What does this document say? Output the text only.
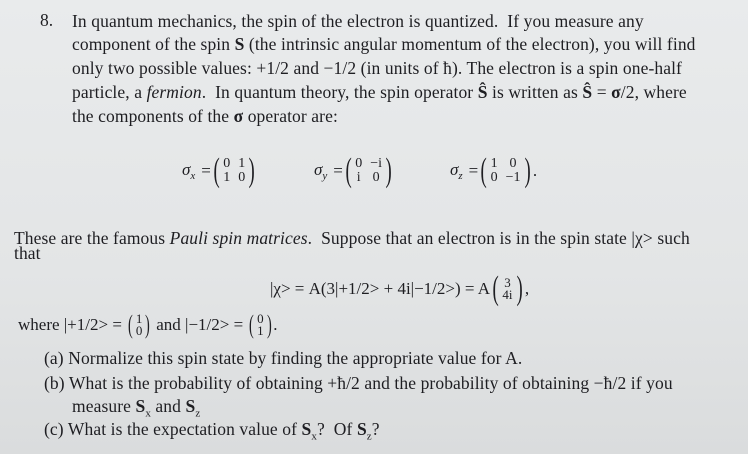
8. In quantum mechanics, the spin of the electron is quantized.  If you measure any
component of the spin S (the intrinsic angular momentum of the electron), you will find
only two possible values: +1/2 and −1/2 (in units of ħ). The electron is a spin one-half
particle, a fermion.  In quantum theory, the spin operator Ŝ is written as Ŝ = σ/2, where
the components of the σ operator are:
$\sigma_x$ = ( 0 1
1 0 )	$\sigma_y$ = ( 0 −i
i 0 )	$\sigma_z$ = ( 1 0
0 −1 ) .
These are the famous Pauli spin matrices.  Suppose that an electron is in the spin state |χ> such
that
|χ> = A(3|+1/2> + 4i|−1/2>) = A ( 3
4i ) ,
where |+1/2> =
( 1
0 )
and |−1/2> =
( 0
1 ) .
(a) Normalize this spin state by finding the appropriate value for A.
(b) What is the probability of obtaining +ħ/2 and the probability of obtaining −ħ/2 if you
measure $S_x$ and $S_z$
(c) What is the expectation value of $S_x$?  Of $S_z$?
